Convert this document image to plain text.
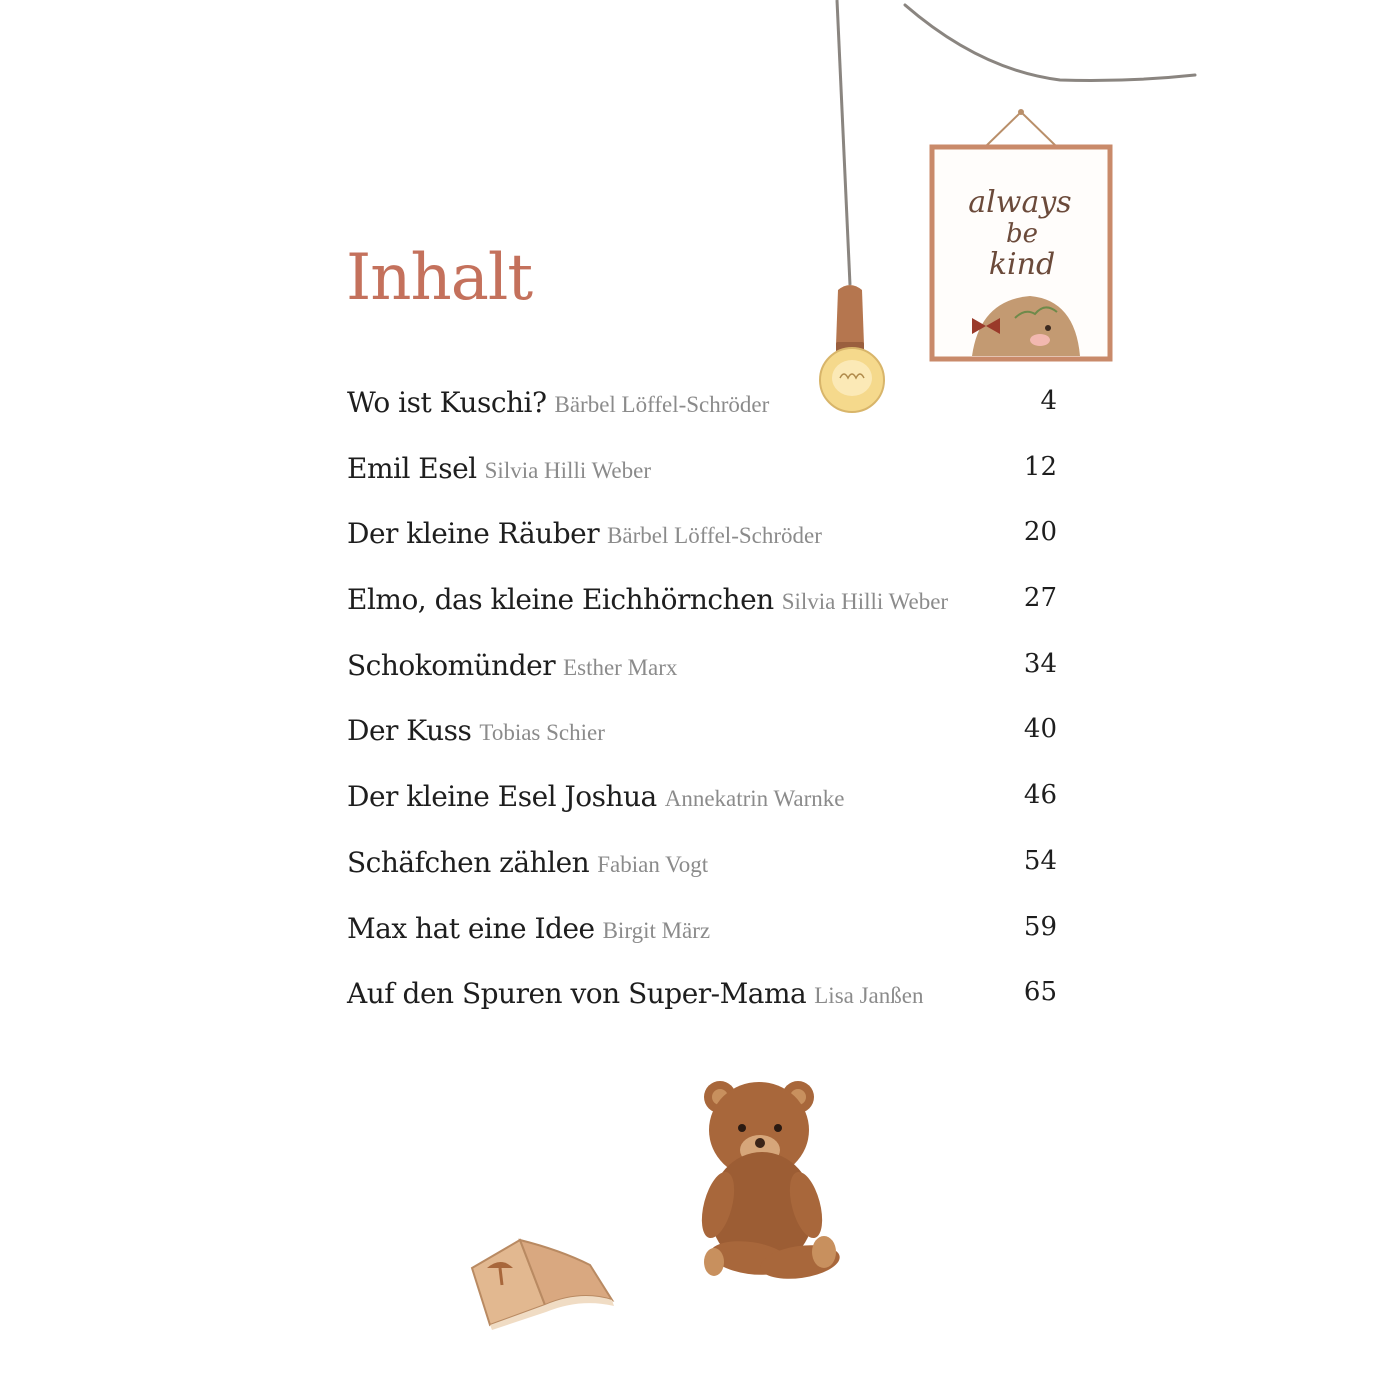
always
be
kind
Inhalt
Wo ist Kuschi? Bärbel Löffel-Schröder	4
Emil Esel Silvia Hilli Weber	12
Der kleine Räuber Bärbel Löffel-Schröder	20
Elmo, das kleine Eichhörnchen Silvia Hilli Weber	27
Schokomünder Esther Marx	34
Der Kuss Tobias Schier	40
Der kleine Esel Joshua Annekatrin Warnke	46
Schäfchen zählen Fabian Vogt	54
Max hat eine Idee Birgit März	59
Auf den Spuren von Super-Mama Lisa Janßen	65
